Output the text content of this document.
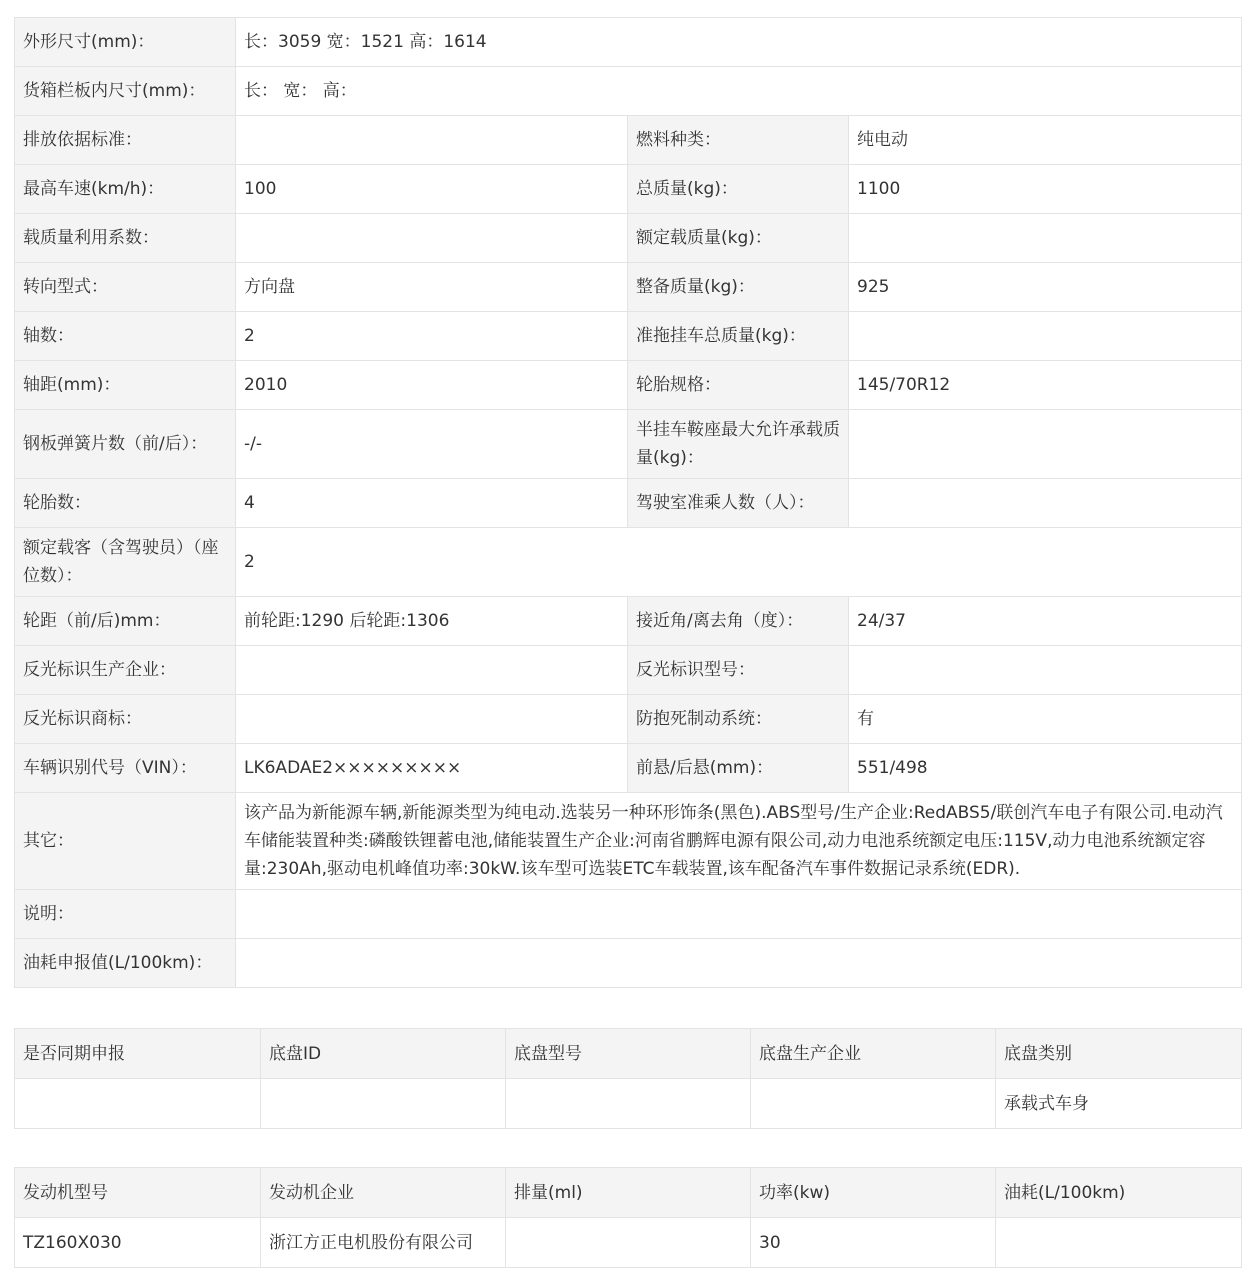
外形尺寸(mm)：	长：3059 宽：1521 高：1614		
货箱栏板内尺寸(mm)：	长： 宽： 高：		
排放依据标准：		燃料种类：	纯电动
最高车速(km/h)：	100	总质量(kg)：	1100
载质量利用系数：		额定载质量(kg)：	
转向型式：	方向盘	整备质量(kg)：	925
轴数：	2	准拖挂车总质量(kg)：	
轴距(mm)：	2010	轮胎规格：	145/70R12
钢板弹簧片数（前/后）：	-/-	半挂车鞍座最大允许承载质量(kg)：	
轮胎数：	4	驾驶室准乘人数（人）：	
额定载客（含驾驶员）（座位数）：	2		
轮距（前/后)mm：	前轮距:1290 后轮距:1306	接近角/离去角（度）：	24/37
反光标识生产企业：		反光标识型号：	
反光标识商标：		防抱死制动系统：	有
车辆识别代号（VIN）：	LK6ADAE2×××××××××	前悬/后悬(mm)：	551/498
其它：	该产品为新能源车辆,新能源类型为纯电动.选装另一种环形饰条(黑色).ABS型号/生产企业:RedABS5/联创汽车电子有限公司.电动汽车储能装置种类:磷酸铁锂蓄电池,储能装置生产企业:河南省鹏辉电源有限公司,动力电池系统额定电压:115V,动力电池系统额定容量:230Ah,驱动电机峰值功率:30kW.该车型可选装ETC车载装置,该车配备汽车事件数据记录系统(EDR).		
说明：			
油耗申报值(L/100km)：			
是否同期申报	底盘ID	底盘型号	底盘生产企业	底盘类别
				承载式车身
发动机型号	发动机企业	排量(ml)	功率(kw)	油耗(L/100km)
TZ160X030	浙江方正电机股份有限公司		30	
